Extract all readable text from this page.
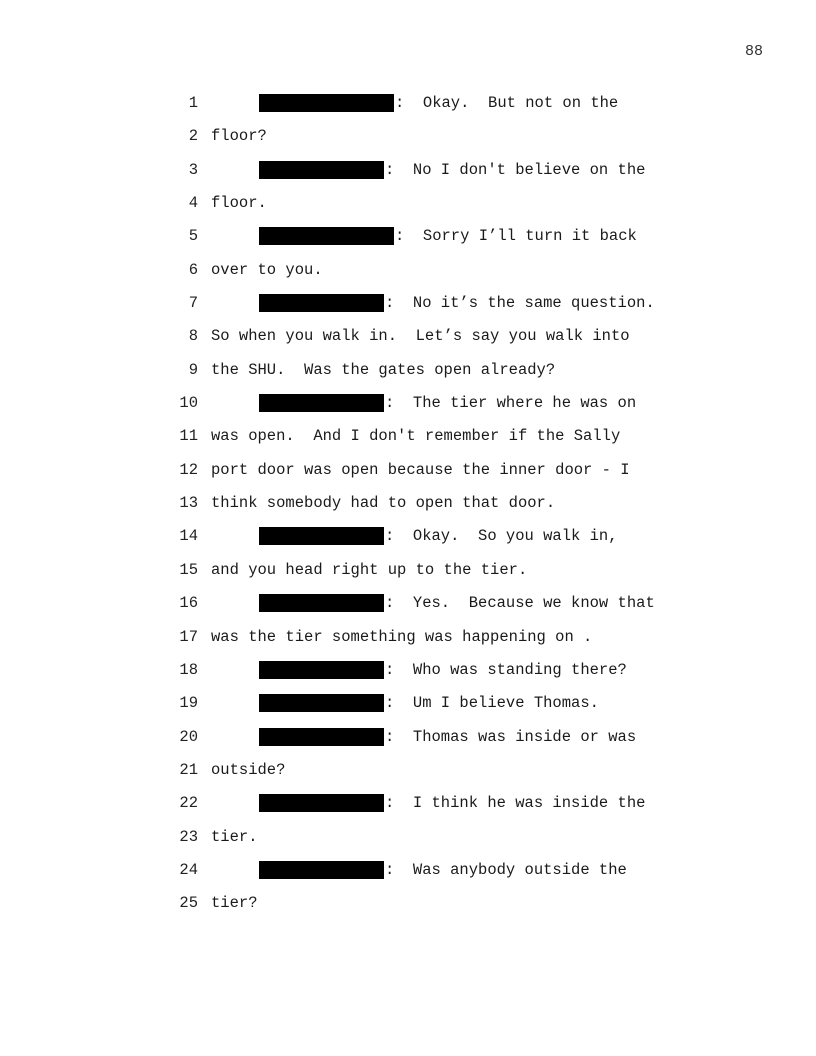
88
1	:  Okay.  But not on the
2 floor?
3	:  No I don't believe on the
4 floor.
5	:  Sorry I’ll turn it back
6 over to you.
7	:  No it’s the same question.
8 So when you walk in.  Let’s say you walk into
9 the SHU.  Was the gates open already?
10	:  The tier where he was on
11 was open.  And I don't remember if the Sally
12 port door was open because the inner door - I
13 think somebody had to open that door.
14	:  Okay.  So you walk in,
15 and you head right up to the tier.
16	:  Yes.  Because we know that
17 was the tier something was happening on .
18	:  Who was standing there?
19	:  Um I believe Thomas.
20	:  Thomas was inside or was
21 outside?
22	:  I think he was inside the
23 tier.
24	:  Was anybody outside the
25 tier?
